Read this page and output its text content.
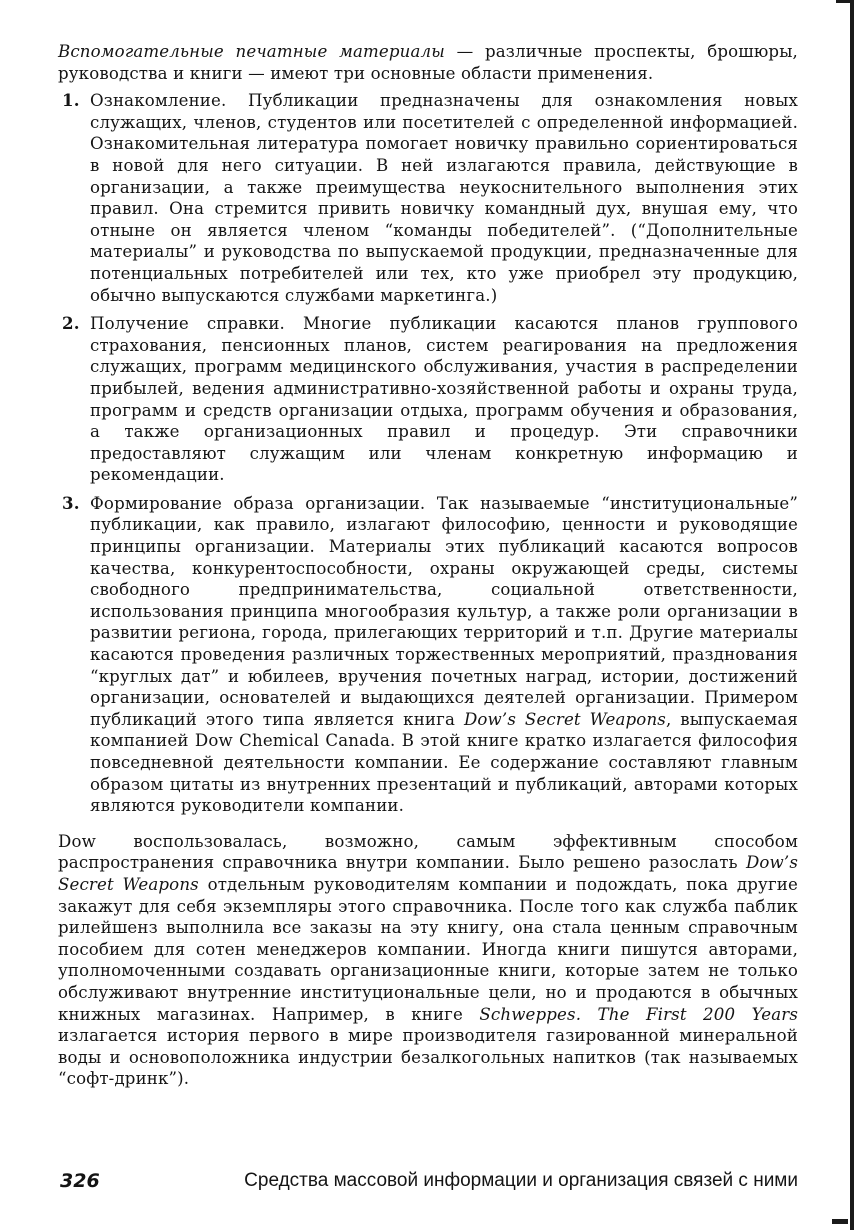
Вспомогательные печатные материалы — различные проспекты, брошюры, руководства и книги — имеют три основные области применения.

1. Ознакомление. Публикации предназначены для ознакомления новых служащих, членов, студентов или посетителей с определенной информацией. Ознакомительная литература помогает новичку правильно сориентироваться в новой для него ситуации. В ней излагаются правила, действующие в организации, а также преимущества неукоснительного выполнения этих правил. Она стремится привить новичку командный дух, внушая ему, что отныне он является членом “команды победителей”. (“Дополнительные материалы” и руководства по выпускаемой продукции, предназначенные для потенциальных потребителей или тех, кто уже приобрел эту продукцию, обычно выпускаются службами маркетинга.)
2. Получение справки. Многие публикации касаются планов группового страхования, пенсионных планов, систем реагирования на предложения служащих, программ медицинского обслуживания, участия в распределении прибылей, ведения административно-хозяйственной работы и охраны труда, программ и средств организации отдыха, программ обучения и образования, а также организационных правил и процедур. Эти справочники предоставляют служащим или членам конкретную информацию и рекомендации.
3. Формирование образа организации. Так называемые “институциональные” публикации, как правило, излагают философию, ценности и руководящие принципы организации. Материалы этих публикаций касаются вопросов качества, конкурентоспособности, охраны окружающей среды, системы свободного предпринимательства, социальной ответственности, использования принципа многообразия культур, а также роли организации в развитии региона, города, прилегающих территорий и т.п. Другие материалы касаются проведения различных торжественных мероприятий, празднования “круглых дат” и юбилеев, вручения почетных наград, истории, достижений организации, основателей и выдающихся деятелей организации. Примером публикаций этого типа является книга Dow’s Secret Weapons, выпускаемая компанией Dow Chemical Canada. В этой книге кратко излагается философия повседневной деятельности компании. Ее содержание составляют главным образом цитаты из внутренних презентаций и публикаций, авторами которых являются руководители компании.

Dow воспользовалась, возможно, самым эффективным способом распространения справочника внутри компании. Было решено разослать Dow’s Secret Weapons отдельным руководителям компании и подождать, пока другие закажут для себя экземпляры этого справочника. После того как служба паблик рилейшенз выполнила все заказы на эту книгу, она стала ценным справочным пособием для сотен менеджеров компании. Иногда книги пишутся авторами, уполномоченными создавать организационные книги, которые затем не только обслуживают внутренние институциональные цели, но и продаются в обычных книжных магазинах. Например, в книге Schweppes. The First 200 Years излагается история первого в мире производителя газированной минеральной воды и основоположника индустрии безалкогольных напитков (так называемых “софт-дринк”).

326	Средства массовой информации и организация связей с ними
